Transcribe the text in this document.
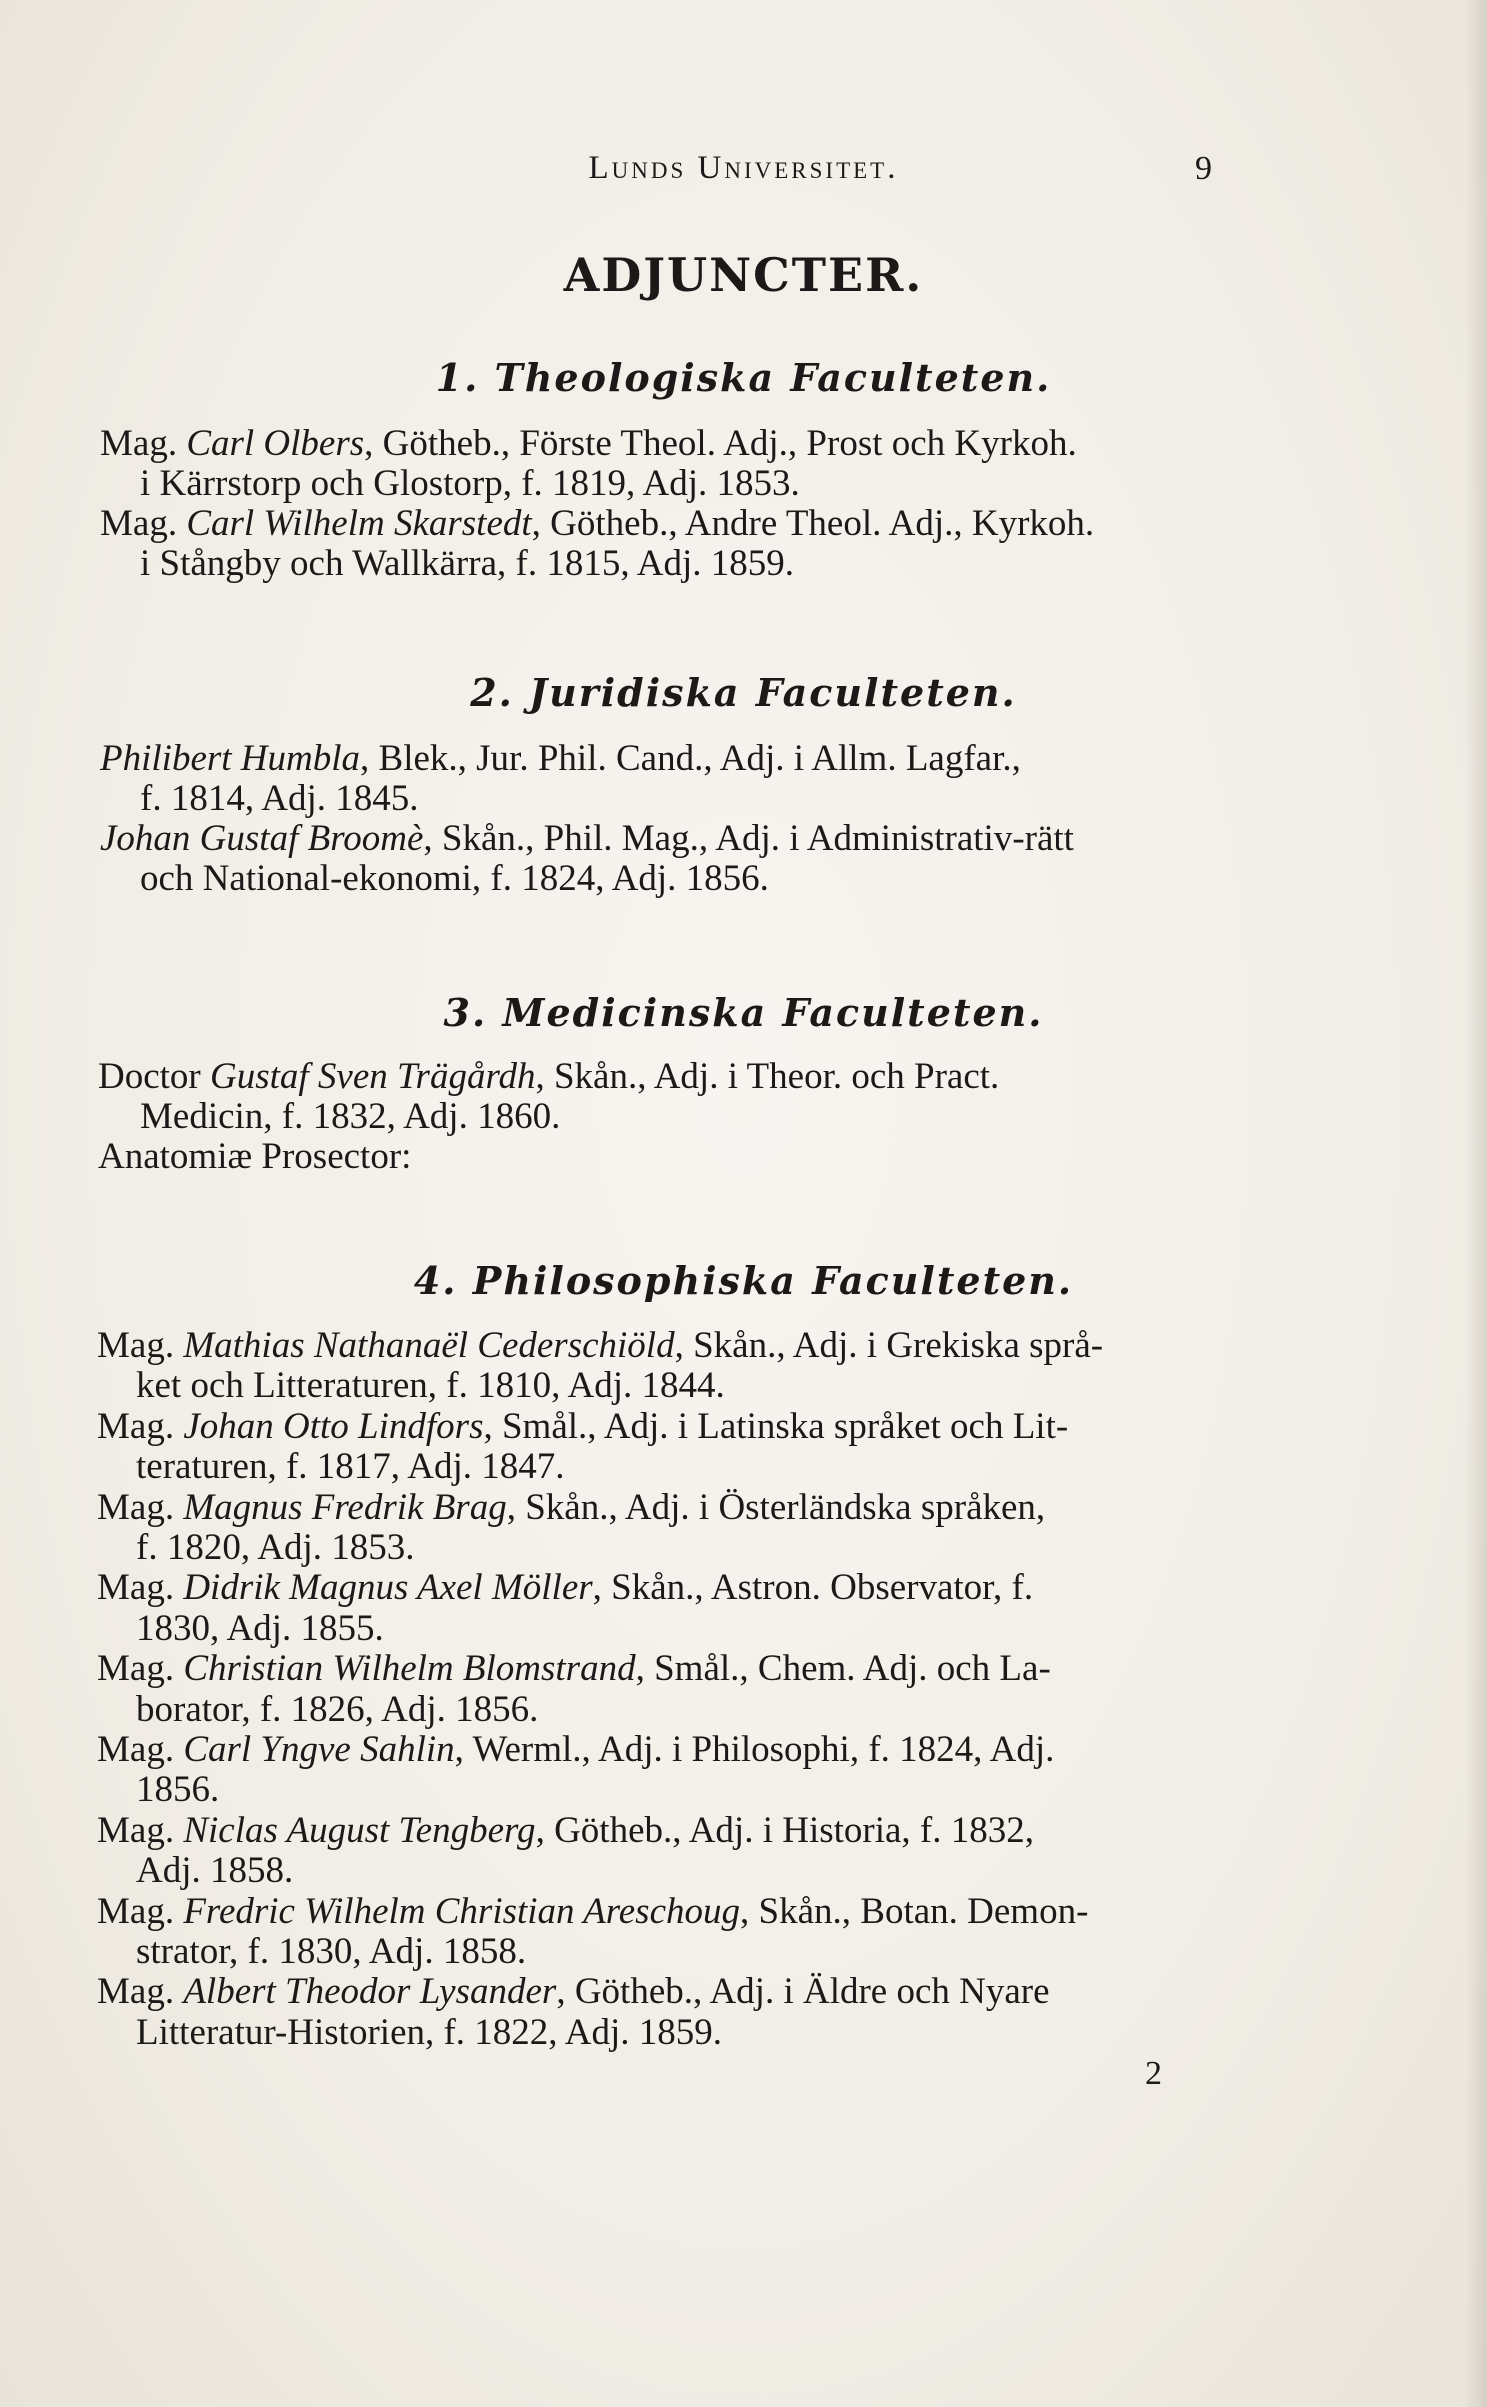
Lunds Universitet.	9
ADJUNCTER.
1. Theologiska Faculteten.
Mag. Carl Olbers, Götheb., Förste Theol. Adj., Prost och Kyrkoh.
i Kärrstorp och Glostorp, f. 1819, Adj. 1853.
Mag. Carl Wilhelm Skarstedt, Götheb., Andre Theol. Adj., Kyrkoh.
i Stångby och Wallkärra, f. 1815, Adj. 1859.
2. Juridiska Faculteten.
Philibert Humbla, Blek., Jur. Phil. Cand., Adj. i Allm. Lagfar.,
f. 1814, Adj. 1845.
Johan Gustaf Broomè, Skån., Phil. Mag., Adj. i Administrativ-rätt
och National-ekonomi, f. 1824, Adj. 1856.
3. Medicinska Faculteten.
Doctor Gustaf Sven Trägårdh, Skån., Adj. i Theor. och Pract.
Medicin, f. 1832, Adj. 1860.
Anatomiæ Prosector:
4. Philosophiska Faculteten.
Mag. Mathias Nathanaël Cederschiöld, Skån., Adj. i Grekiska språ-
ket och Litteraturen, f. 1810, Adj. 1844.
Mag. Johan Otto Lindfors, Smål., Adj. i Latinska språket och Lit-
teraturen, f. 1817, Adj. 1847.
Mag. Magnus Fredrik Brag, Skån., Adj. i Österländska språken,
f. 1820, Adj. 1853.
Mag. Didrik Magnus Axel Möller, Skån., Astron. Observator, f.
1830, Adj. 1855.
Mag. Christian Wilhelm Blomstrand, Smål., Chem. Adj. och La-
borator, f. 1826, Adj. 1856.
Mag. Carl Yngve Sahlin, Werml., Adj. i Philosophi, f. 1824, Adj.
1856.
Mag. Niclas August Tengberg, Götheb., Adj. i Historia, f. 1832,
Adj. 1858.
Mag. Fredric Wilhelm Christian Areschoug, Skån., Botan. Demon-
strator, f. 1830, Adj. 1858.
Mag. Albert Theodor Lysander, Götheb., Adj. i Äldre och Nyare
Litteratur-Historien, f. 1822, Adj. 1859.
2
